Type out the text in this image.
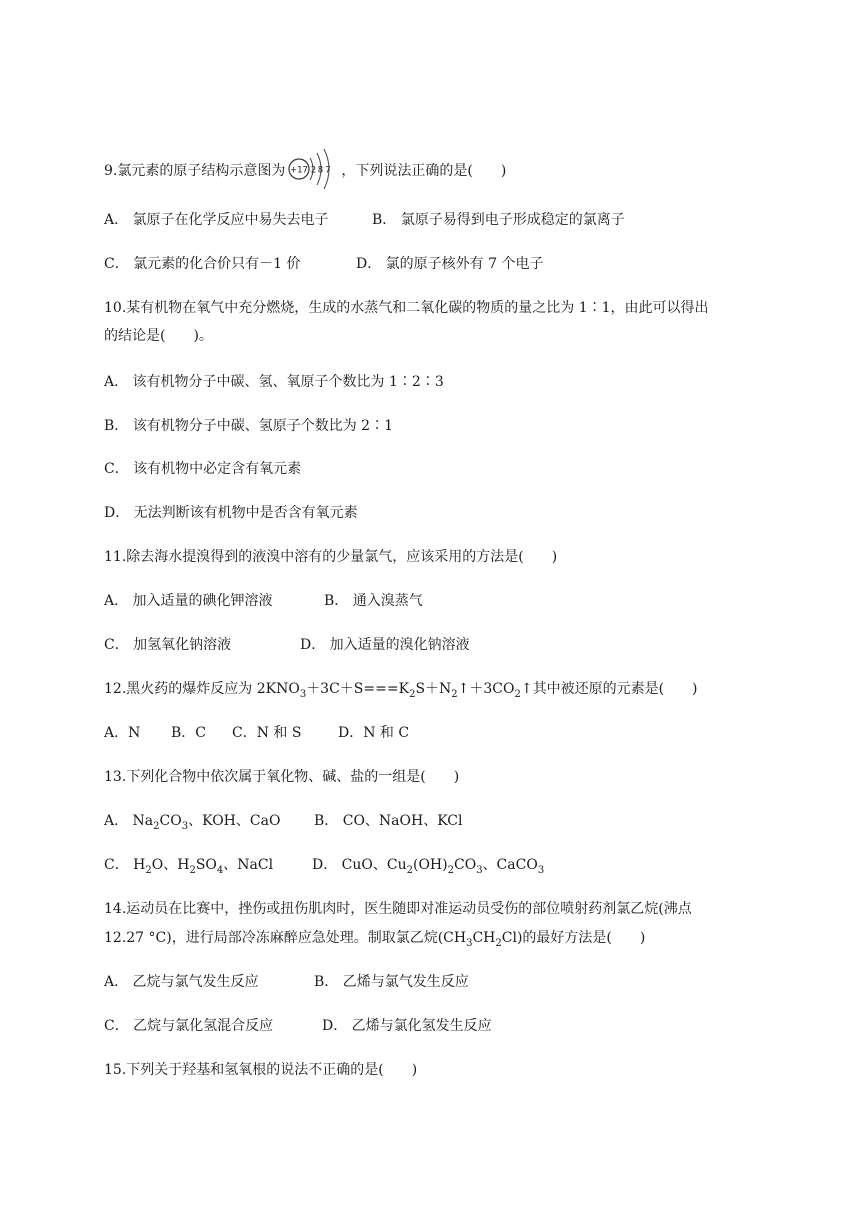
9.氯元素的原子结构示意图为 +17 2 8 7 ，下列说法正确的是(　　)
A． 氯原子在化学反应中易失去电子	B． 氯原子易得到电子形成稳定的氯离子
C． 氯元素的化合价只有－1 价	D． 氯的原子核外有 7 个电子
10.某有机物在氧气中充分燃烧，生成的水蒸气和二氧化碳的物质的量之比为 1∶1，由此可以得出
的结论是(　　)。
A． 该有机物分子中碳、氢、氧原子个数比为 1∶2∶3
B． 该有机物分子中碳、氢原子个数比为 2∶1
C． 该有机物中必定含有氧元素
D． 无法判断该有机物中是否含有氧元素
11.除去海水提溴得到的液溴中溶有的少量氯气，应该采用的方法是(　　)
A． 加入适量的碘化钾溶液	B． 通入溴蒸气
C． 加氢氧化钠溶液	D． 加入适量的溴化钠溶液
12.黑火药的爆炸反应为 $2KNO_3+3C+S===K_2S+N_2↑+3CO_2↑$其中被还原的元素是(　　)
A．N B．C C．N 和 S	D．N 和 C
13.下列化合物中依次属于氧化物、碱、盐的一组是(　　)
A． $Na_2CO_3$、KOH、CaO B． CO、NaOH、KCl
C． $H_2O$、$H_2SO_4$、NaCl	D． CuO、$Cu_2(OH)_2CO_3$、CaCO$_3$
14.运动员在比赛中，挫伤或扭伤肌肉时，医生随即对准运动员受伤的部位喷射药剂氯乙烷(沸点
12.27 °C)，进行局部冷冻麻醉应急处理。制取氯乙烷$(CH_3CH_2Cl)$的最好方法是(　　)
A． 乙烷与氯气发生反应	B． 乙烯与氯气发生反应
C． 乙烷与氯化氢混合反应	D． 乙烯与氯化氢发生反应
15.下列关于羟基和氢氧根的说法不正确的是(　　)
